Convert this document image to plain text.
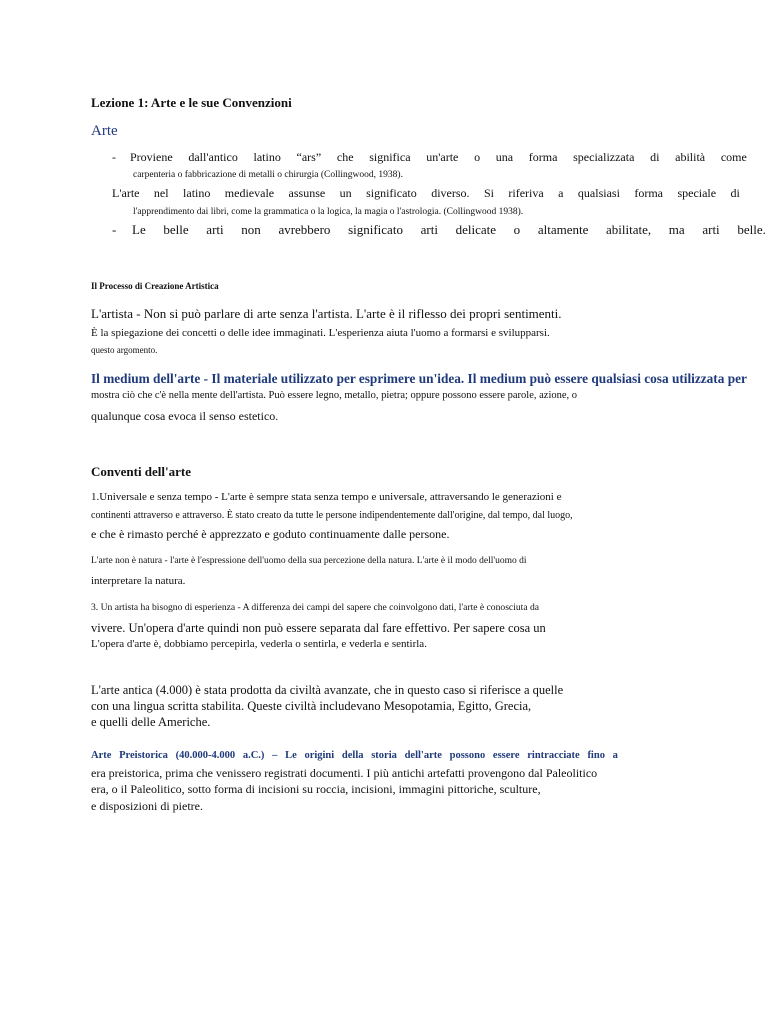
Lezione 1: Arte e le sue Convenzioni
Arte
- Proviene dall'antico latino “ars” che significa un'arte o una forma specializzata di abilità come
carpenteria o fabbricazione di metalli o chirurgia (Collingwood, 1938).
L'arte nel latino medievale assunse un significato diverso. Si riferiva a qualsiasi forma speciale di
l'apprendimento dai libri, come la grammatica o la logica, la magia o l'astrologia. (Collingwood 1938).
- Le belle arti non avrebbero significato arti delicate o altamente abilitate, ma arti belle.
Il Processo di Creazione Artistica
L'artista - Non si può parlare di arte senza l'artista. L'arte è il riflesso dei propri sentimenti.
È la spiegazione dei concetti o delle idee immaginati. L'esperienza aiuta l'uomo a formarsi e svilupparsi.
questo argomento.
Il medium dell'arte - Il materiale utilizzato per esprimere un'idea. Il medium può essere qualsiasi cosa utilizzata per
mostra ciò che c'è nella mente dell'artista. Può essere legno, metallo, pietra; oppure possono essere parole, azione, o
qualunque cosa evoca il senso estetico.
Conventi dell'arte
1.Universale e senza tempo - L'arte è sempre stata senza tempo e universale, attraversando le generazioni e
continenti attraverso e attraverso. È stato creato da tutte le persone indipendentemente dall'origine, dal tempo, dal luogo,
e che è rimasto perché è apprezzato e goduto continuamente dalle persone.
L'arte non è natura - l'arte è l'espressione dell'uomo della sua percezione della natura. L'arte è il modo dell'uomo di
interpretare la natura.
3. Un artista ha bisogno di esperienza - A differenza dei campi del sapere che coinvolgono dati, l'arte è conosciuta da
vivere. Un'opera d'arte quindi non può essere separata dal fare effettivo. Per sapere cosa un
L'opera d'arte è, dobbiamo percepirla, vederla o sentirla, e vederla e sentirla.
L'arte antica (4.000) è stata prodotta da civiltà avanzate, che in questo caso si riferisce a quelle
con una lingua scritta stabilita. Queste civiltà includevano Mesopotamia, Egitto, Grecia,
e quelli delle Americhe.
Arte Preistorica (40.000-4.000 a.C.) – Le origini della storia dell'arte possono essere rintracciate fino a
era preistorica, prima che venissero registrati documenti. I più antichi artefatti provengono dal Paleolitico
era, o il Paleolitico, sotto forma di incisioni su roccia, incisioni, immagini pittoriche, sculture,
e disposizioni di pietre.
